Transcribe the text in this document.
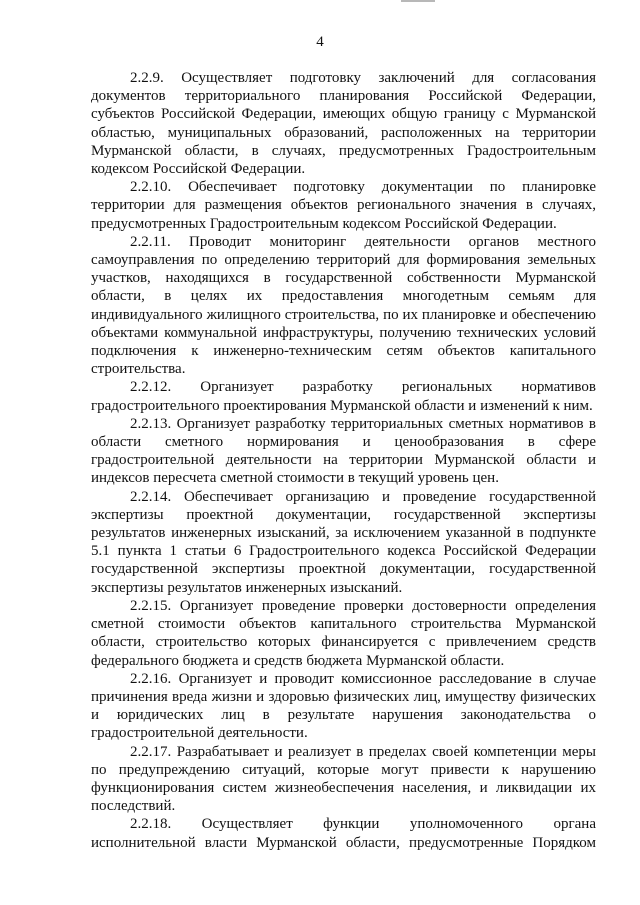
4

2.2.9. Осуществляет подготовку заключений для согласования документов территориального планирования Российской Федерации, субъектов Российской Федерации, имеющих общую границу с Мурманской областью, муниципальных образований, расположенных на территории Мурманской области, в случаях, предусмотренных Градостроительным кодексом Российской Федерации.

2.2.10. Обеспечивает подготовку документации по планировке территории для размещения объектов регионального значения в случаях, предусмотренных Градостроительным кодексом Российской Федерации.

2.2.11. Проводит мониторинг деятельности органов местного самоуправления по определению территорий для формирования земельных участков, находящихся в государственной собственности Мурманской области, в целях их предоставления многодетным семьям для индивидуального жилищного строительства, по их планировке и обеспечению объектами коммунальной инфраструктуры, получению технических условий подключения к инженерно-техническим сетям объектов капитального строительства.

2.2.12. Организует разработку региональных нормативов градостроительного проектирования Мурманской области и изменений к ним.

2.2.13. Организует разработку территориальных сметных нормативов в области сметного нормирования и ценообразования в сфере градостроительной деятельности на территории Мурманской области и индексов пересчета сметной стоимости в текущий уровень цен.

2.2.14. Обеспечивает организацию и проведение государственной экспертизы проектной документации, государственной экспертизы результатов инженерных изысканий, за исключением указанной в подпункте 5.1 пункта 1 статьи 6 Градостроительного кодекса Российской Федерации государственной экспертизы проектной документации, государственной экспертизы результатов инженерных изысканий.

2.2.15. Организует проведение проверки достоверности определения сметной стоимости объектов капитального строительства Мурманской области, строительство которых финансируется с привлечением средств федерального бюджета и средств бюджета Мурманской области.

2.2.16. Организует и проводит комиссионное расследование в случае причинения вреда жизни и здоровью физических лиц, имуществу физических и юридических лиц в результате нарушения законодательства о градостроительной деятельности.

2.2.17. Разрабатывает и реализует в пределах своей компетенции меры по предупреждению ситуаций, которые могут привести к нарушению функционирования систем жизнеобеспечения населения, и ликвидации их последствий.

2.2.18. Осуществляет функции уполномоченного органа исполнительной власти Мурманской области, предусмотренные Порядком
